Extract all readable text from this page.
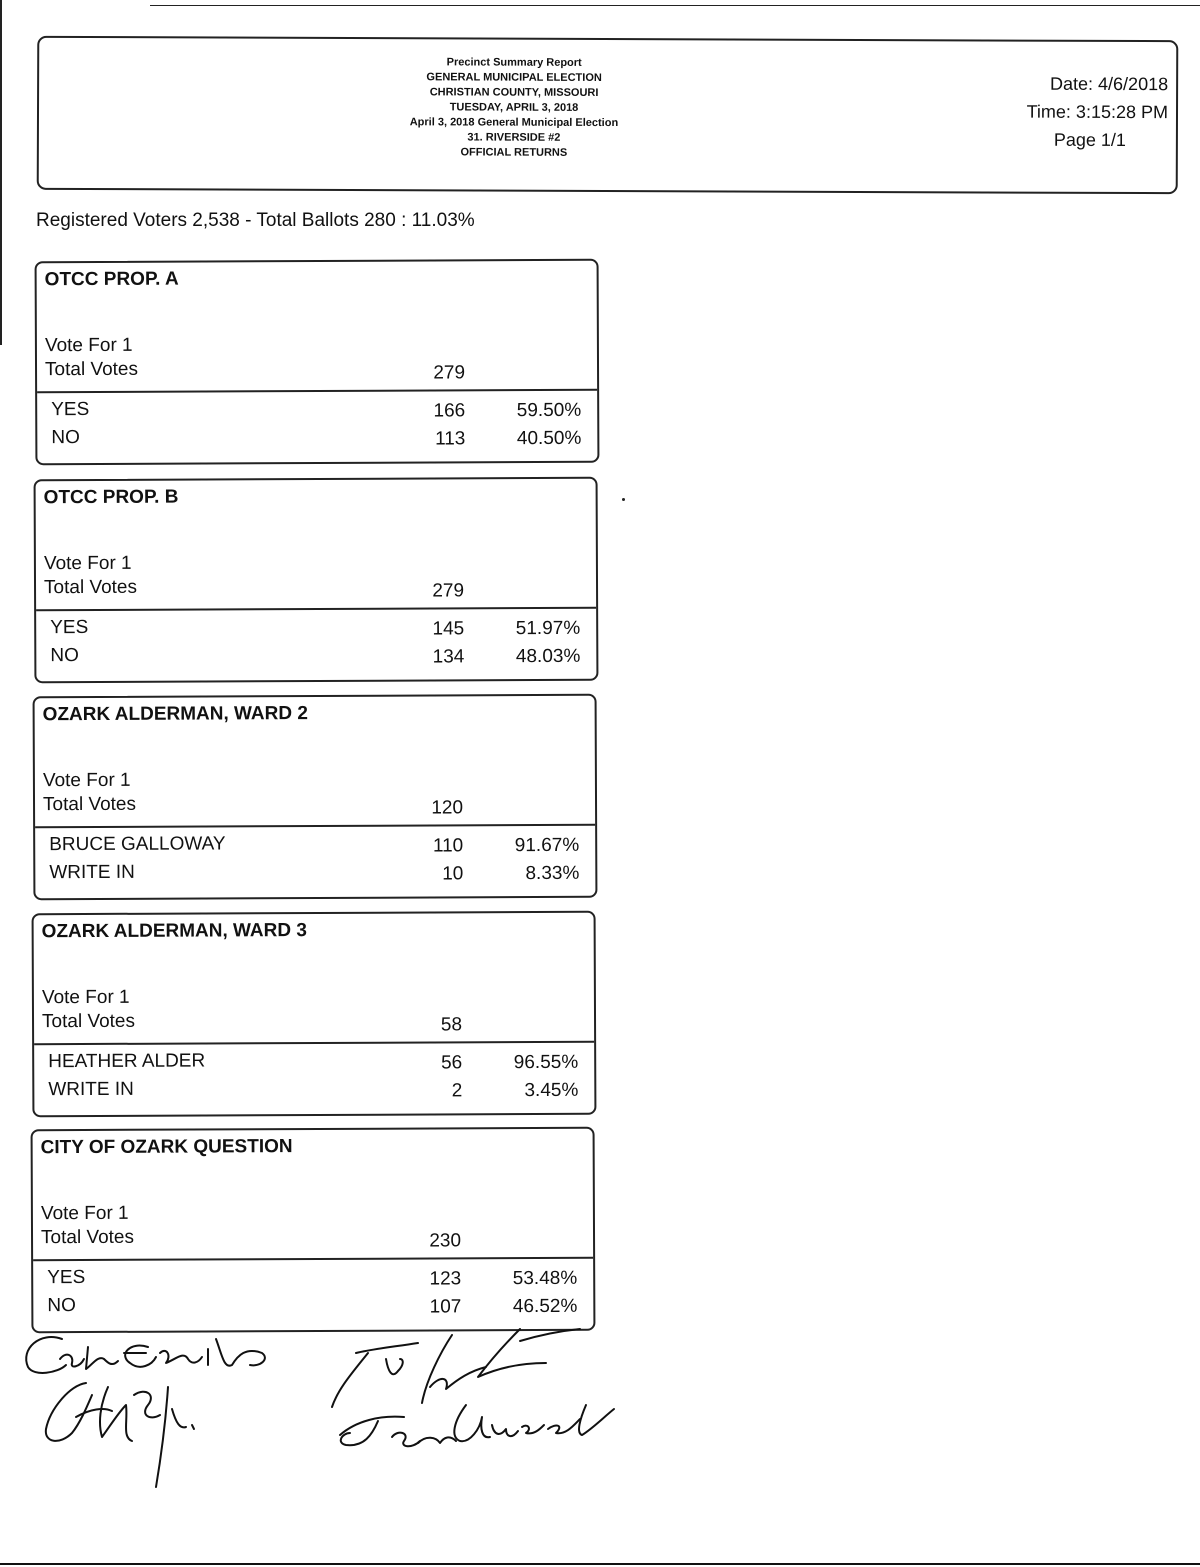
Precinct Summary Report
GENERAL MUNICIPAL ELECTION
CHRISTIAN COUNTY, MISSOURI
TUESDAY, APRIL 3, 2018
April 3, 2018 General Municipal Election
31. RIVERSIDE #2
OFFICIAL RETURNS
Date: 4/6/2018
Time: 3:15:28 PM
Page 1/1
Registered Voters 2,538 - Total Ballots 280 : 11.03%
OTCC PROP. A
Vote For 1
Total Votes	279
YES	166	59.50%
NO	113	40.50%
OTCC PROP. B
Vote For 1
Total Votes	279
YES	145	51.97%
NO	134	48.03%
OZARK ALDERMAN, WARD 2
Vote For 1
Total Votes	120
BRUCE GALLOWAY	110	91.67%
WRITE IN	10	8.33%
OZARK ALDERMAN, WARD 3
Vote For 1
Total Votes	58
HEATHER ALDER	56	96.55%
WRITE IN	2	3.45%
CITY OF OZARK QUESTION
Vote For 1
Total Votes	230
YES	123	53.48%
NO	107	46.52%
